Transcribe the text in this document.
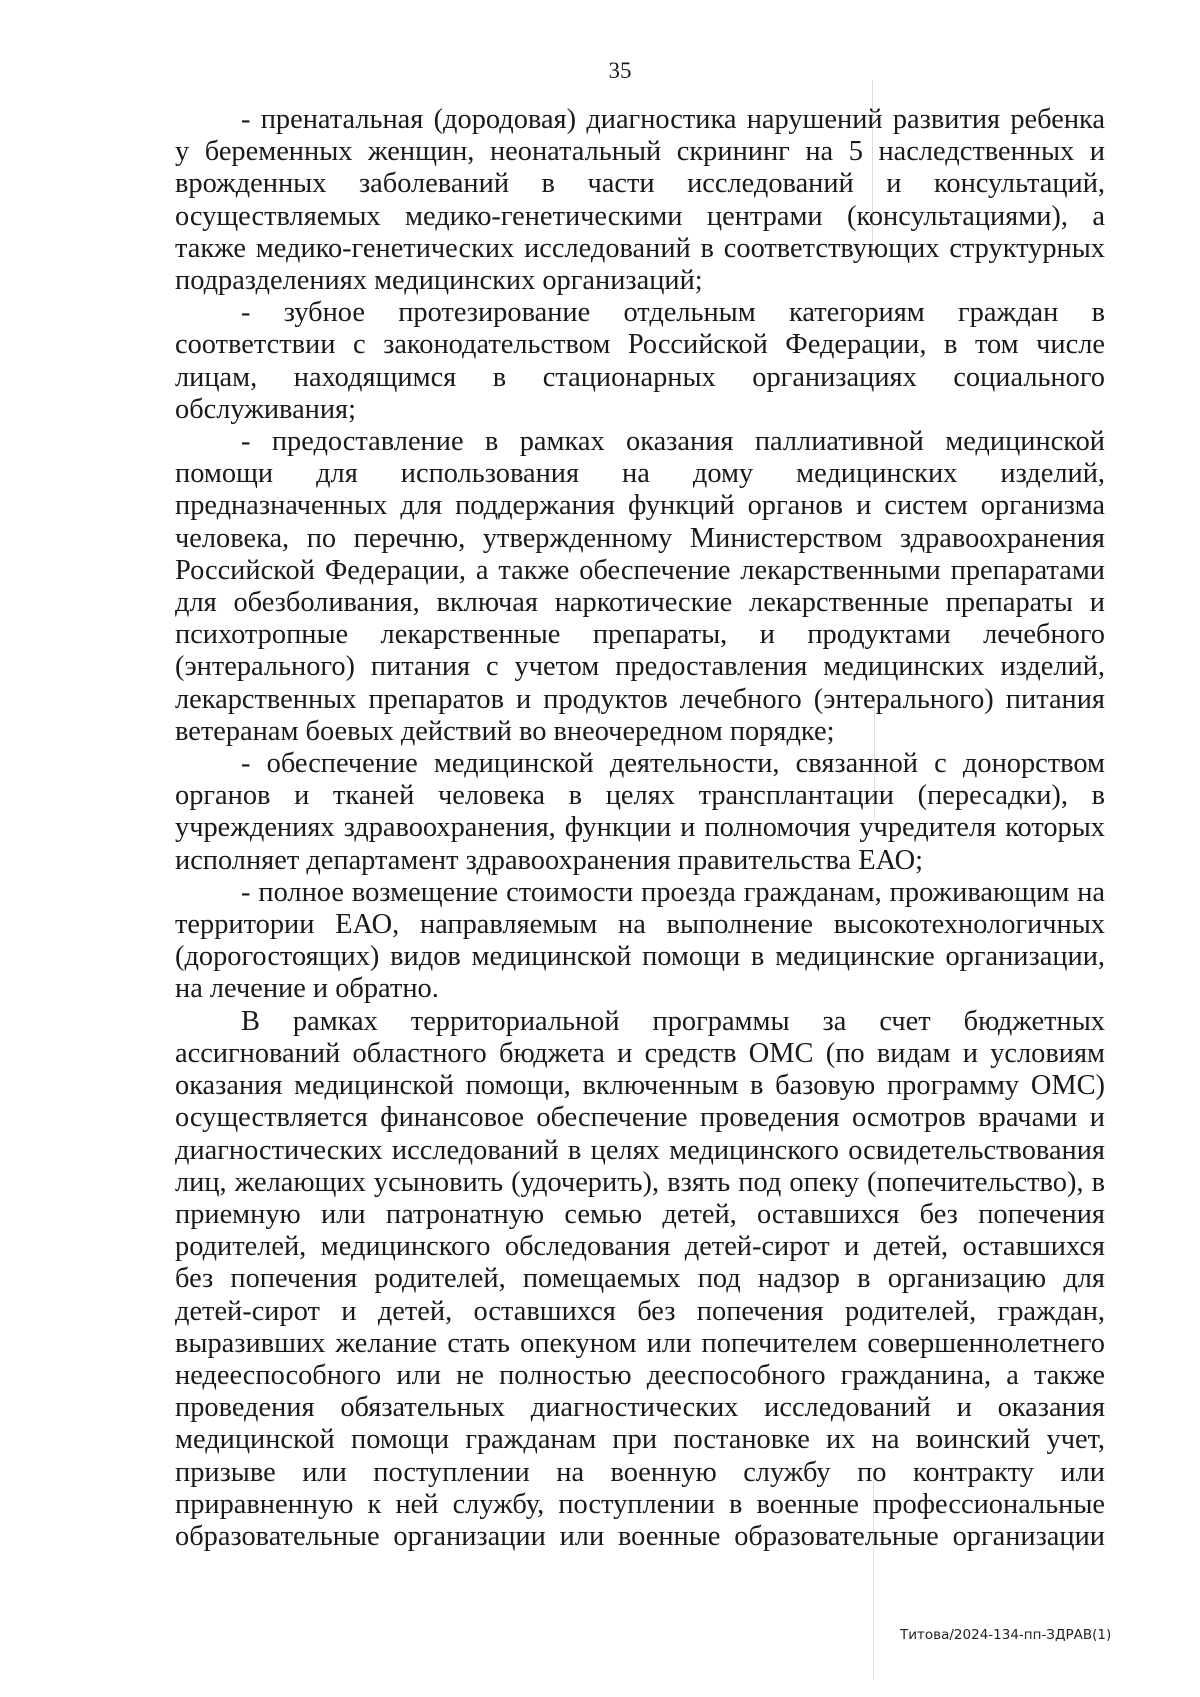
35

- пренатальная (дородовая) диагностика нарушений развития ребенка у беременных женщин, неонатальный скрининг на 5 наследственных и врожденных заболеваний в части исследований и консультаций, осуществляемых медико-генетическими центрами (консультациями), а также медико-генетических исследований в соответствующих структурных подразделениях медицинских организаций;

- зубное протезирование отдельным категориям граждан в соответствии с законодательством Российской Федерации, в том числе лицам, находящимся в стационарных организациях социального обслуживания;

- предоставление в рамках оказания паллиативной медицинской помощи для использования на дому медицинских изделий, предназначенных для поддержания функций органов и систем организма человека, по перечню, утвержденному Министерством здравоохранения Российской Федерации, а также обеспечение лекарственными препаратами для обезболивания, включая наркотические лекарственные препараты и психотропные лекарственные препараты, и продуктами лечебного (энтерального) питания с учетом предоставления медицинских изделий, лекарственных препаратов и продуктов лечебного (энтерального) питания ветеранам боевых действий во внеочередном порядке;

- обеспечение медицинской деятельности, связанной с донорством органов и тканей человека в целях трансплантации (пересадки), в учреждениях здравоохранения, функции и полномочия учредителя которых исполняет департамент здравоохранения правительства ЕАО;

- полное возмещение стоимости проезда гражданам, проживающим на территории ЕАО, направляемым на выполнение высокотехнологичных (дорогостоящих) видов медицинской помощи в медицинские организации, на лечение и обратно.

В рамках территориальной программы за счет бюджетных ассигнований областного бюджета и средств ОМС (по видам и условиям оказания медицинской помощи, включенным в базовую программу ОМС) осуществляется финансовое обеспечение проведения осмотров врачами и диагностических исследований в целях медицинского освидетельствования лиц, желающих усыновить (удочерить), взять под опеку (попечительство), в приемную или патронатную семью детей, оставшихся без попечения родителей, медицинского обследования детей-сирот и детей, оставшихся без попечения родителей, помещаемых под надзор в организацию для детей-сирот и детей, оставшихся без попечения родителей, граждан, выразивших желание стать опекуном или попечителем совершеннолетнего недееспособного или не полностью дееспособного гражданина, а также проведения обязательных диагностических исследований и оказания медицинской помощи гражданам при постановке их на воинский учет, призыве или поступлении на военную службу по контракту или приравненную к ней службу, поступлении в военные профессиональные образовательные организации или военные образовательные организации

Титова/2024-134-пп-ЗДРАВ(1)
